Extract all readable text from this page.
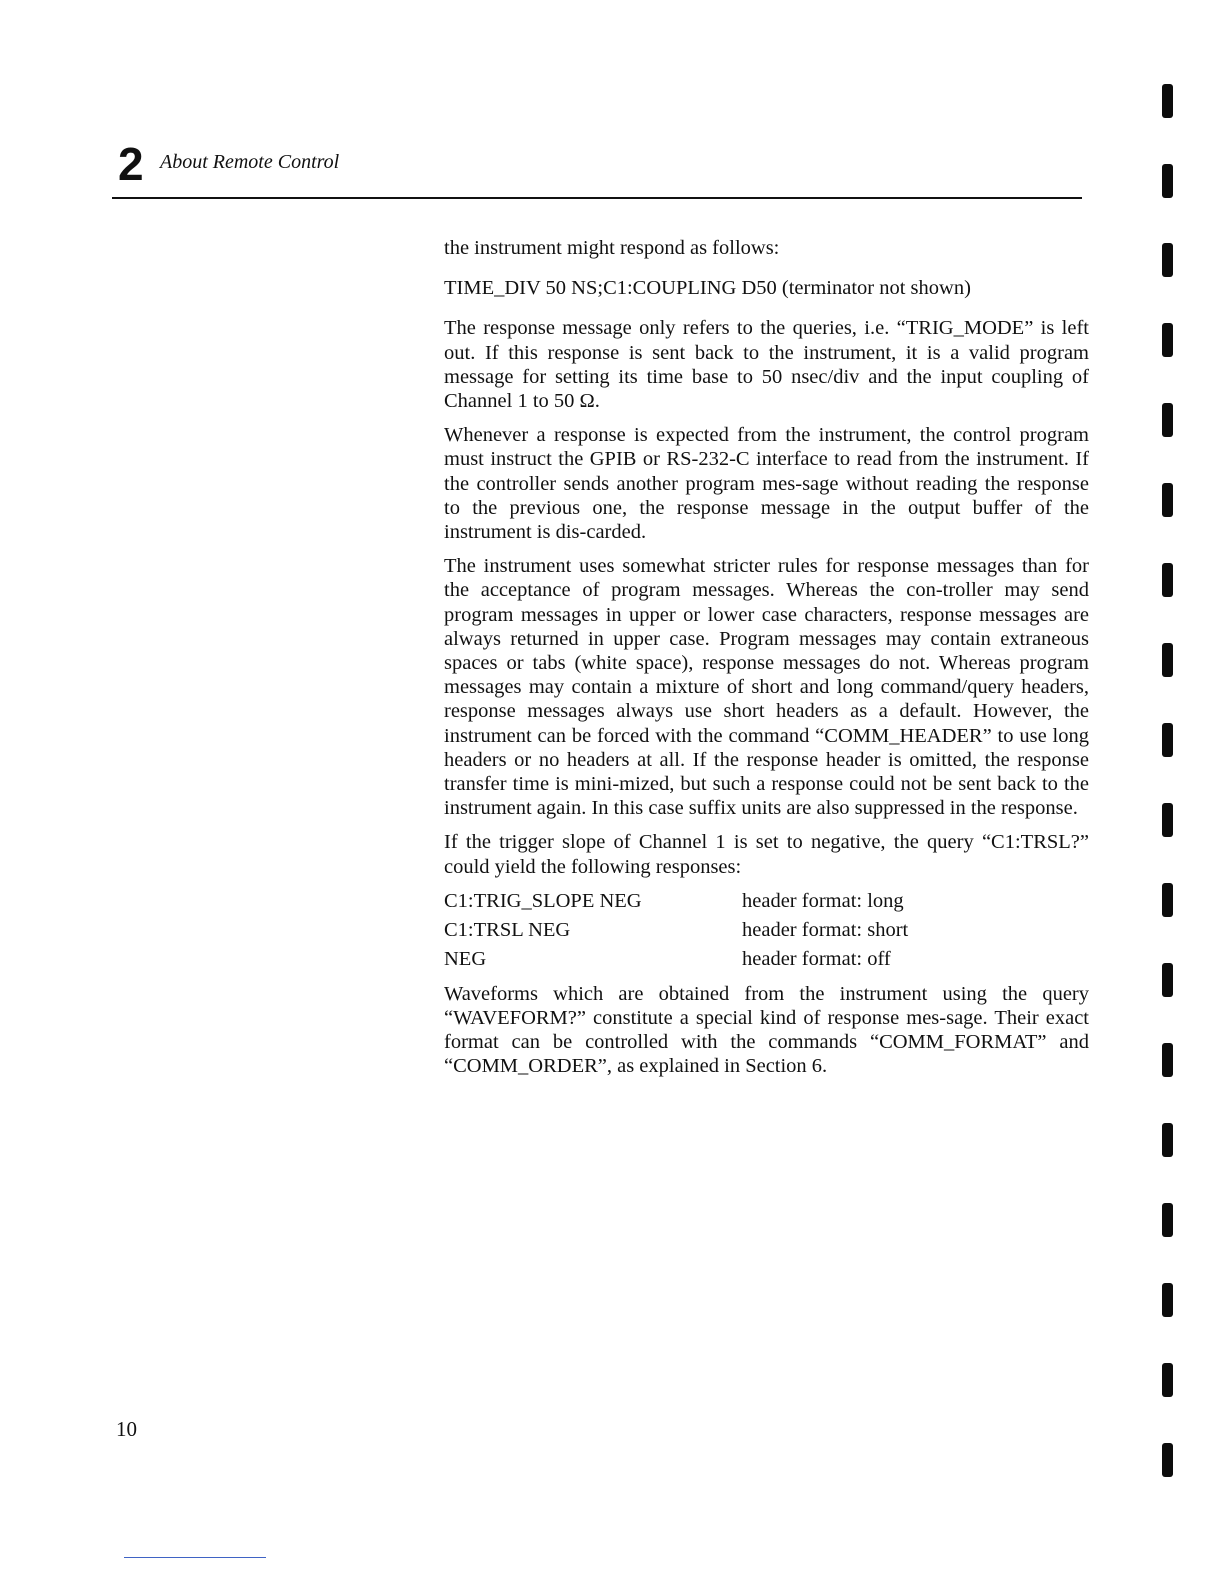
2 About Remote Control

the instrument might respond as follows:

TIME_DIV 50 NS;C1:COUPLING D50 (terminator not shown)

The response message only refers to the queries, i.e. “TRIG_MODE” is left out. If this response is sent back to the instrument, it is a valid program message for setting its time base to 50 nsec/div and the input coupling of Channel 1 to 50 Ω.

Whenever a response is expected from the instrument, the control program must instruct the GPIB or RS-232-C interface to read from the instrument. If the controller sends another program mes-sage without reading the response to the previous one, the response message in the output buffer of the instrument is dis-carded.

The instrument uses somewhat stricter rules for response messages than for the acceptance of program messages. Whereas the con-troller may send program messages in upper or lower case characters, response messages are always returned in upper case. Program messages may contain extraneous spaces or tabs (white space), response messages do not. Whereas program messages may contain a mixture of short and long command/query headers, response messages always use short headers as a default. However, the instrument can be forced with the command “COMM_HEADER” to use long headers or no headers at all. If the response header is omitted, the response transfer time is mini-mized, but such a response could not be sent back to the instrument again. In this case suffix units are also suppressed in the response.

If the trigger slope of Channel 1 is set to negative, the query “C1:TRSL?” could yield the following responses:

C1:TRIG_SLOPE NEG	header format: long
C1:TRSL NEG	header format: short
NEG	header format: off

Waveforms which are obtained from the instrument using the query “WAVEFORM?” constitute a special kind of response mes-sage. Their exact format can be controlled with the commands “COMM_FORMAT” and “COMM_ORDER”, as explained in Section 6.

10
